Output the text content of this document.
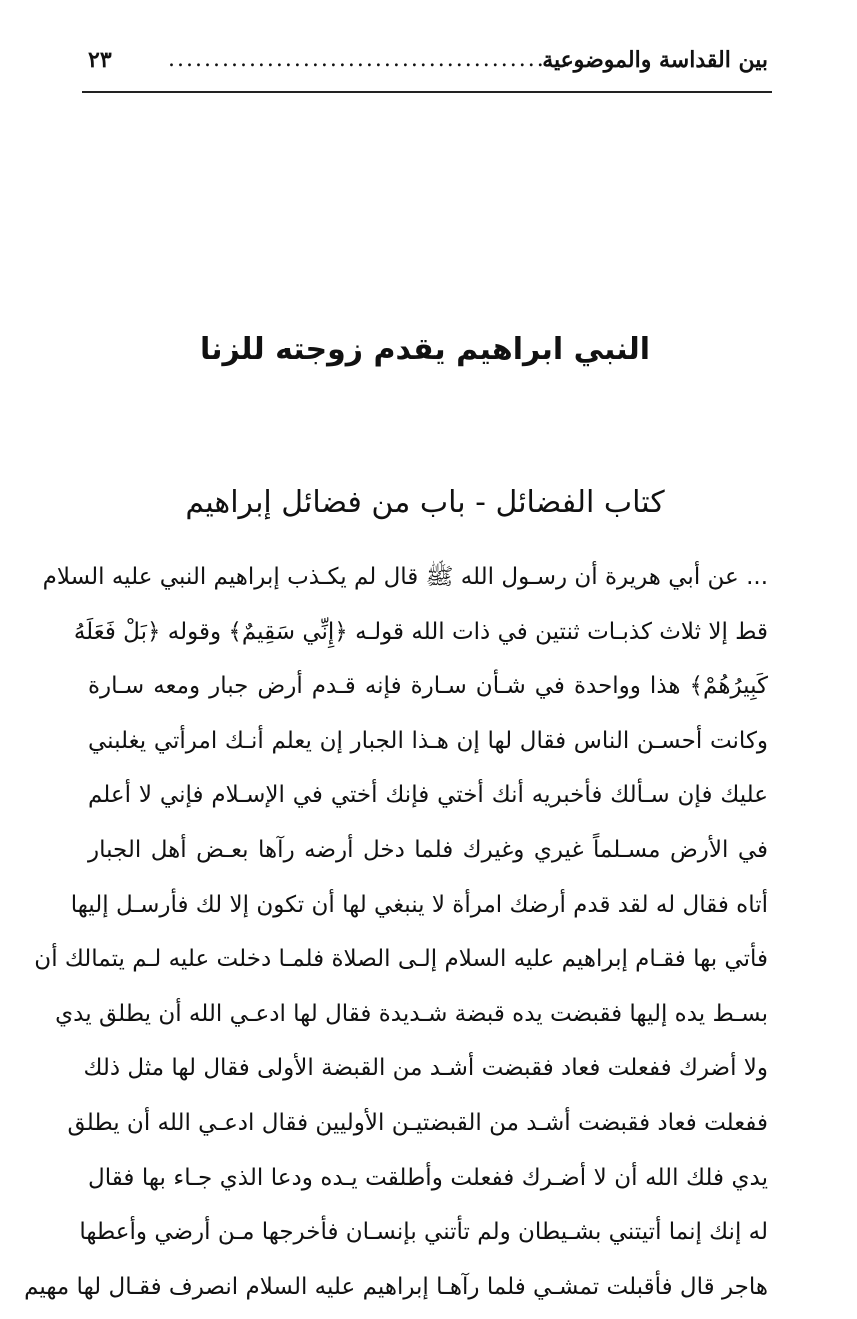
بين القداسة والموضوعية
..............................................
٢٣
النبي ابراهيم يقدم زوجته للزنا
كتاب الفضائل - باب من فضائل إبراهيم
... عن أبي هريرة أن رسـول الله ﷺ قال لم يكـذب إبراهيم النبي عليه السلام
قط إلا ثلاث كذبـات ثنتين في ذات الله قولـه ﴿إِنِّي سَقِيمٌ﴾ وقوله ﴿بَلْ فَعَلَهُ
كَبِيرُهُمْ﴾ هذا وواحدة في شـأن سـارة فإنه قـدم أرض جبار ومعه سـارة
وكانت أحسـن الناس فقال لها إن هـذا الجبار إن يعلم أنـك امرأتي يغلبني
عليك فإن سـألك فأخبريه أنك أختي فإنك أختي في الإسـلام فإني لا أعلم
في الأرض مسـلماً غيري وغيرك فلما دخل أرضه رآها بعـض أهل الجبار
أتاه فقال له لقد قدم أرضك امرأة لا ينبغي لها أن تكون إلا لك فأرسـل إليها
فأتي بها فقـام إبراهيم عليه السلام إلـى الصلاة فلمـا دخلت عليه لـم يتمالك أن
بسـط يده إليها فقبضت يده قبضة شـديدة فقال لها ادعـي الله أن يطلق يدي
ولا أضرك ففعلت فعاد فقبضت أشـد من القبضة الأولى فقال لها مثل ذلك
ففعلت فعاد فقبضت أشـد من القبضتيـن الأوليين فقال ادعـي الله أن يطلق
يدي فلك الله أن لا أضـرك ففعلت وأطلقت يـده ودعا الذي جـاء بها فقال
له إنك إنما أتيتني بشـيطان ولم تأتني بإنسـان فأخرجها مـن أرضي وأعطها
هاجر قال فأقبلت تمشـي فلما رآهـا إبراهيم عليه السلام انصرف فقـال لها مهيم
